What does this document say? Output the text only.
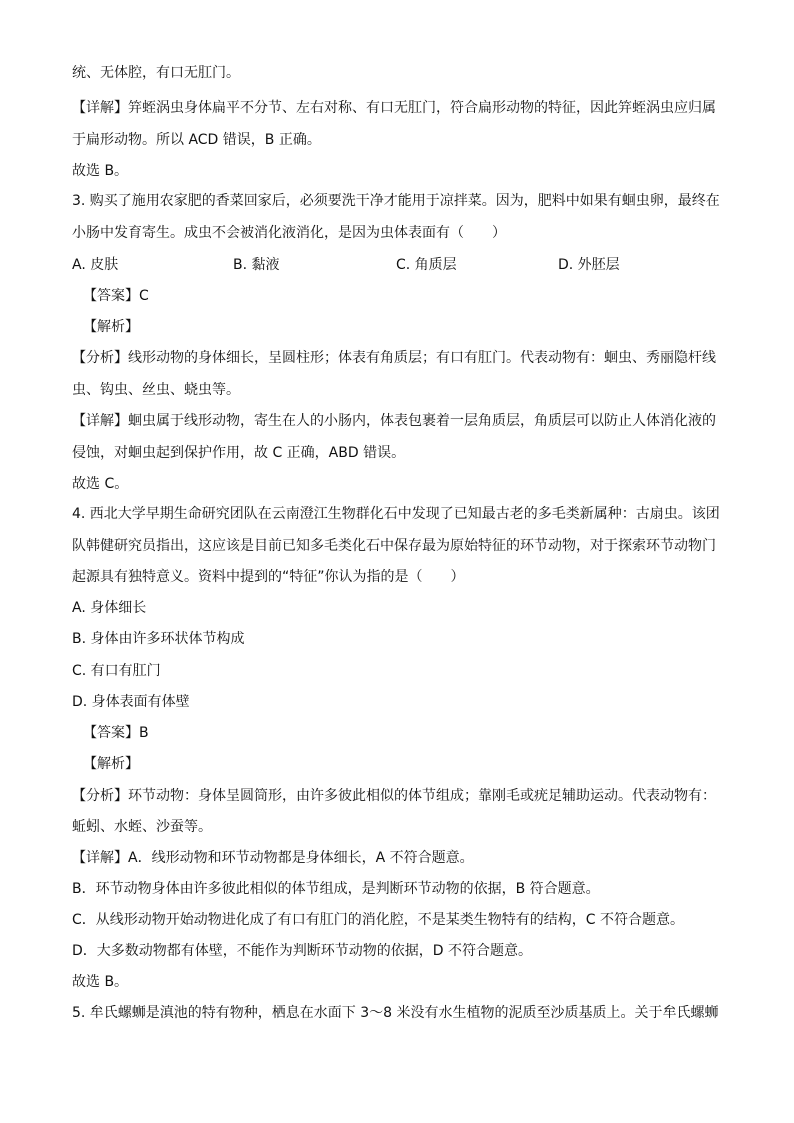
统、无体腔，有口无肛门。
【详解】笄蛭涡虫身体扁平不分节、左右对称、有口无肛门，符合扁形动物的特征，因此笄蛭涡虫应归属
于扁形动物。所以 ACD 错误，B 正确。
故选 B。
3. 购买了施用农家肥的香菜回家后，必须要洗干净才能用于凉拌菜。因为，肥料中如果有蛔虫卵，最终在
小肠中发育寄生。成虫不会被消化液消化，是因为虫体表面有（　　）
A. 皮肤	B. 黏液	C. 角质层	D. 外胚层
【答案】C
【解析】
【分析】线形动物的身体细长，呈圆柱形；体表有角质层；有口有肛门。代表动物有：蛔虫、秀丽隐杆线
虫、钩虫、丝虫、蛲虫等。
【详解】蛔虫属于线形动物，寄生在人的小肠内，体表包裹着一层角质层，角质层可以防止人体消化液的
侵蚀，对蛔虫起到保护作用，故 C 正确，ABD 错误。
故选 C。
4. 西北大学早期生命研究团队在云南澄江生物群化石中发现了已知最古老的多毛类新属种：古扇虫。该团
队韩健研究员指出，这应该是目前已知多毛类化石中保存最为原始特征的环节动物，对于探索环节动物门
起源具有独特意义。资料中提到的“特征”你认为指的是（　　）
A. 身体细长
B. 身体由许多环状体节构成
C. 有口有肛门
D. 身体表面有体壁
【答案】B
【解析】
【分析】环节动物：身体呈圆筒形，由许多彼此相似的体节组成；靠刚毛或疣足辅助运动。代表动物有：
蚯蚓、水蛭、沙蚕等。
【详解】A．线形动物和环节动物都是身体细长，A 不符合题意。
B．环节动物身体由许多彼此相似的体节组成，是判断环节动物的依据，B 符合题意。
C．从线形动物开始动物进化成了有口有肛门的消化腔，不是某类生物特有的结构，C 不符合题意。
D．大多数动物都有体壁，不能作为判断环节动物的依据，D 不符合题意。
故选 B。
5. 牟氏螺蛳是滇池的特有物种，栖息在水面下 3～8 米没有水生植物的泥质至沙质基质上。关于牟氏螺蛳
